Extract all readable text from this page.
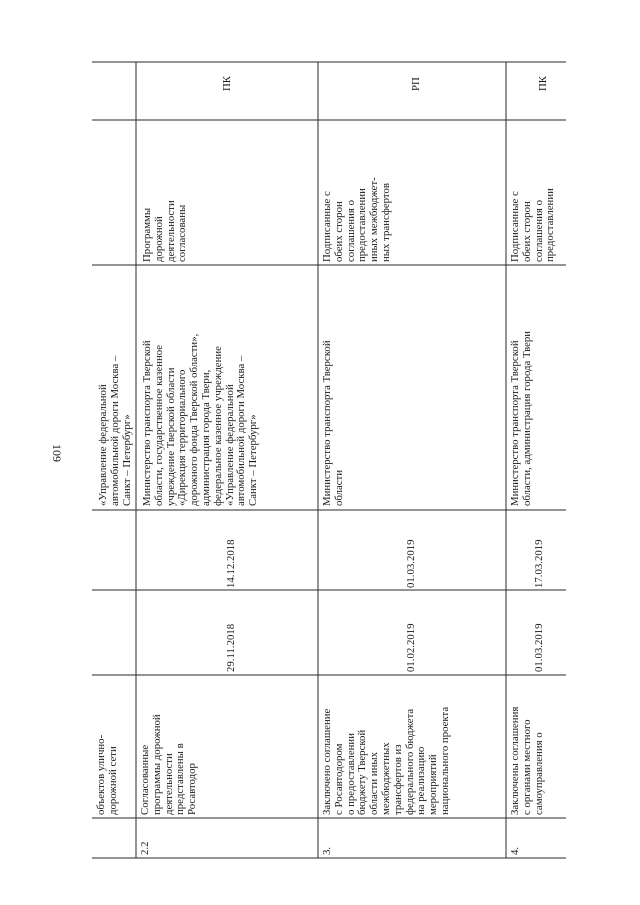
109
объектов улично-
дорожной сети
«Управление федеральной
автомобильной дороги Москва –
Санкт – Петербург»
2.2
Согласованные
программы дорожной
деятельности
представлены в
Росавтодор
29.11.2018
14.12.2018
Министерство транспорта Тверской
области, государственное казенное
учреждение Тверской области
«Дирекция территориального
дорожного фонда Тверской области»,
администрация города Твери,
федеральное казенное учреждение
«Управление федеральной
автомобильной дороги Москва –
Санкт – Петербург»
Программы
дорожной
деятельности
согласованы
ПК
3.
Заключено соглашение
с Росавтодором
о предоставлении
бюджету Тверской
области иных
межбюджетных
трансфертов из
федерального бюджета
на реализацию
мероприятий
национального проекта
01.02.2019
01.03.2019
Министерство транспорта Тверской
области
Подписанные с
обеих сторон
соглашения о
предоставлении
иных межбюджет-
ных трансфертов
РП
4.
Заключены соглашения
с органами местного
самоуправления о
01.03.2019
17.03.2019
Министерство транспорта Тверской
области, администрация города Твери
Подписанные с
обеих сторон
соглашения о
предоставлении
ПК
